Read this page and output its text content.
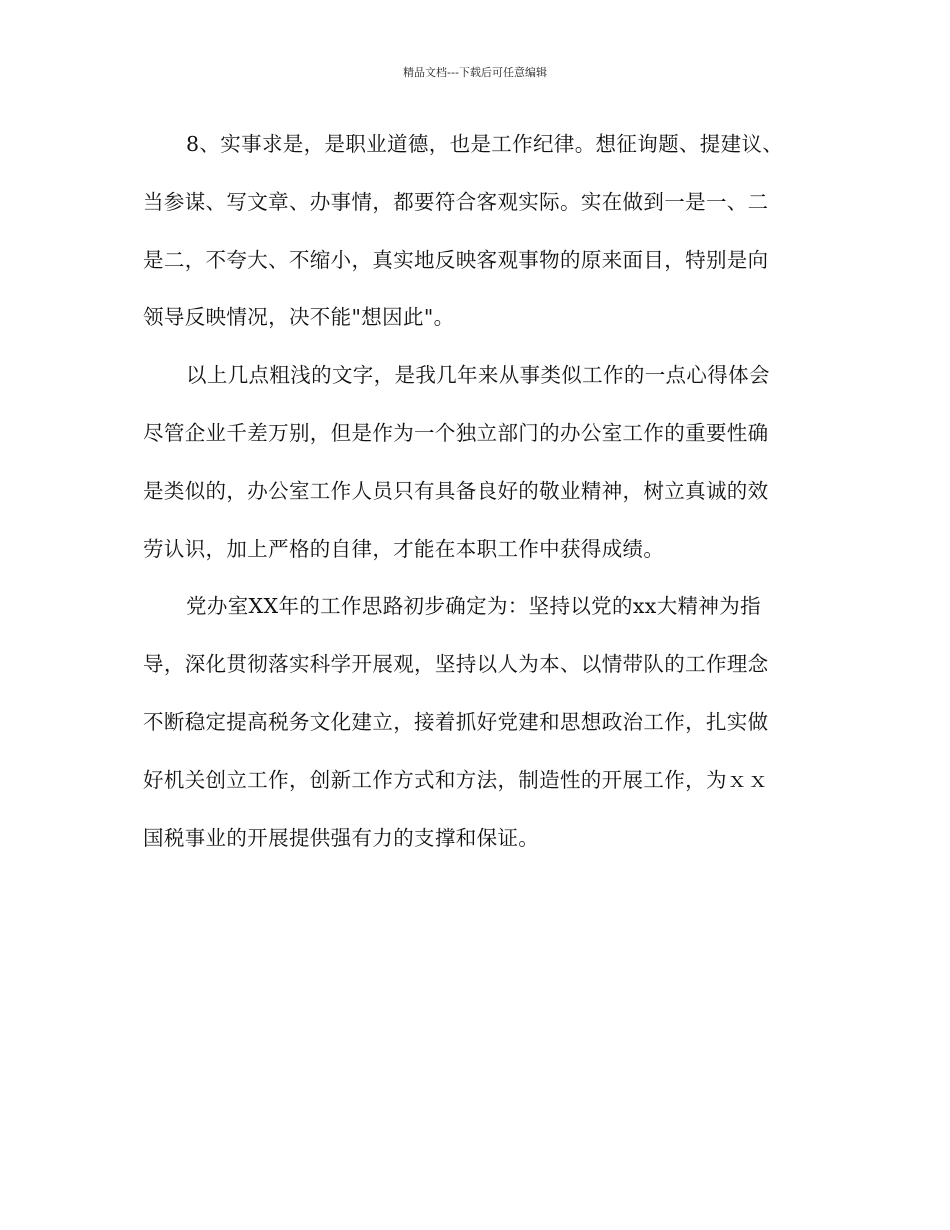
精品文档---下载后可任意编辑
8、实事求是，是职业道德，也是工作纪律。想征询题、提建议、
当参谋、写文章、办事情，都要符合客观实际。实在做到一是一、二
是二，不夸大、不缩小，真实地反映客观事物的原来面目，特别是向
领导反映情况，决不能"想因此"。
以上几点粗浅的文字，是我几年来从事类似工作的一点心得体会
尽管企业千差万别，但是作为一个独立部门的办公室工作的重要性确
是类似的，办公室工作人员只有具备良好的敬业精神，树立真诚的效
劳认识，加上严格的自律，才能在本职工作中获得成绩。
党办室XX年的工作思路初步确定为：坚持以党的xx大精神为指
导，深化贯彻落实科学开展观，坚持以人为本、以情带队的工作理念
不断稳定提高税务文化建立，接着抓好党建和思想政治工作，扎实做
好机关创立工作，创新工作方式和方法，制造性的开展工作，为ｘｘ
国税事业的开展提供强有力的支撑和保证。
